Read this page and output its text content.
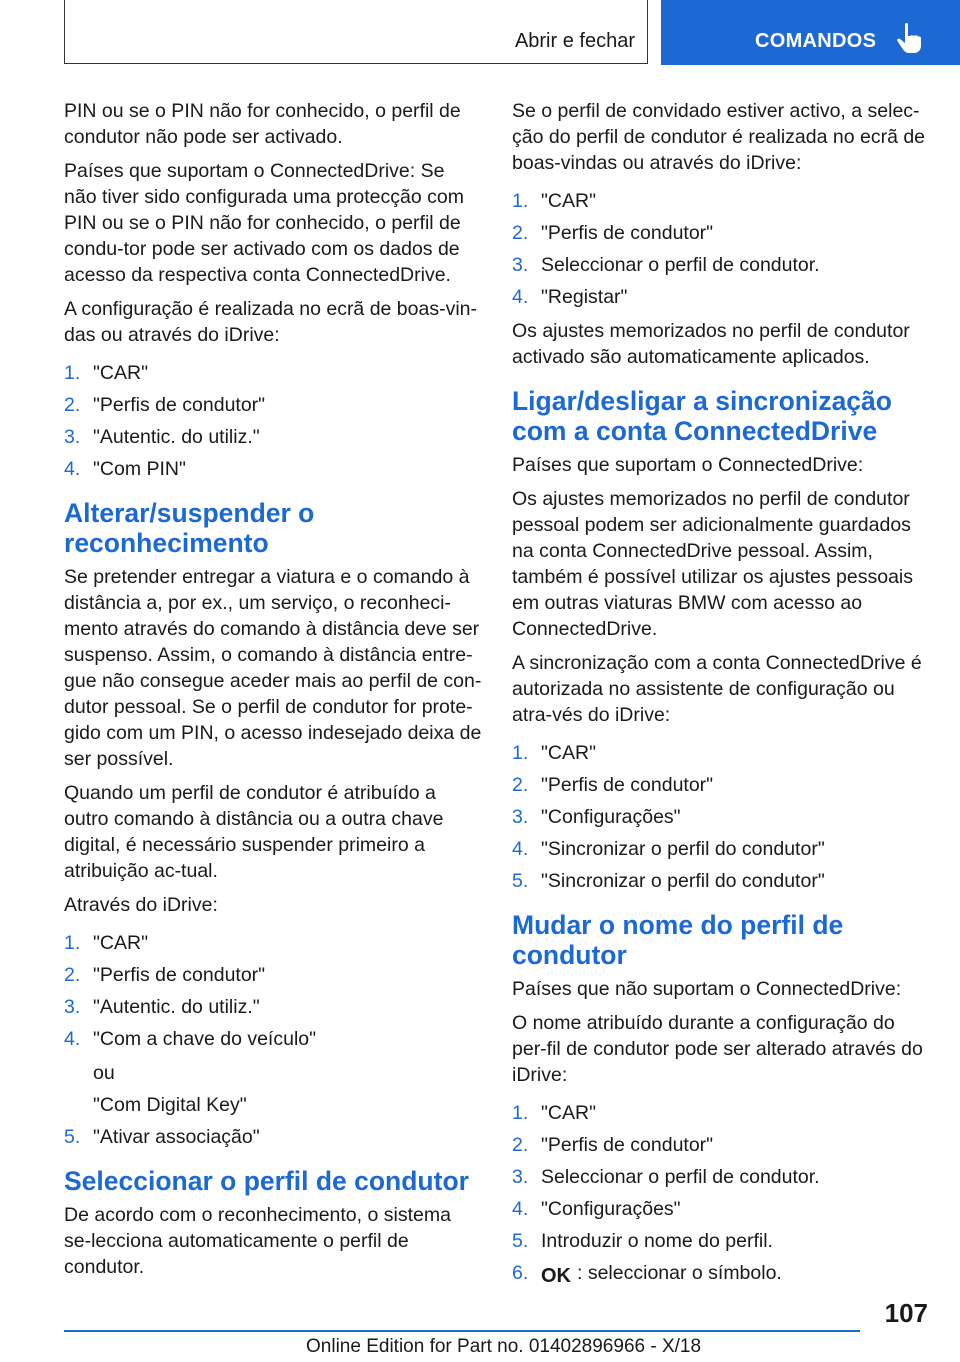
Abrir e fechar	COMANDOS

PIN ou se o PIN não for conhecido, o perfil de condutor não pode ser activado.

Países que suportam o ConnectedDrive: Se não tiver sido configurada uma protecção com PIN ou se o PIN não for conhecido, o perfil de condu‐tor pode ser activado com os dados de acesso da respectiva conta ConnectedDrive.

A configuração é realizada no ecrã de boas-vin‐das ou através do iDrive:

1. "CAR"
2. "Perfis de condutor"
3. "Autentic. do utiliz."
4. "Com PIN"
Alterar/suspender o reconhecimento

Se pretender entregar a viatura e o comando à distância a, por ex., um serviço, o reconheci‐mento através do comando à distância deve ser suspenso. Assim, o comando à distância entre‐gue não consegue aceder mais ao perfil de con‐dutor pessoal. Se o perfil de condutor for prote‐gido com um PIN, o acesso indesejado deixa de ser possível.

Quando um perfil de condutor é atribuído a outro comando à distância ou a outra chave digital, é necessário suspender primeiro a atribuição ac‐tual.

Através do iDrive:

1. "CAR"
2. "Perfis de condutor"
3. "Autentic. do utiliz."
4. "Com a chave do veículo"
ou
"Com Digital Key"
5. "Ativar associação"
Seleccionar o perfil de condutor

De acordo com o reconhecimento, o sistema se‐lecciona automaticamente o perfil de condutor.

Se o perfil de convidado estiver activo, a selec‐ção do perfil de condutor é realizada no ecrã de boas-vindas ou através do iDrive:

1. "CAR"
2. "Perfis de condutor"
3. Seleccionar o perfil de condutor.
4. "Registar"

Os ajustes memorizados no perfil de condutor activado são automaticamente aplicados.

Ligar/desligar a sincronização com a conta ConnectedDrive

Países que suportam o ConnectedDrive:

Os ajustes memorizados no perfil de condutor pessoal podem ser adicionalmente guardados na conta ConnectedDrive pessoal. Assim, também é possível utilizar os ajustes pessoais em outras viaturas BMW com acesso ao ConnectedDrive.

A sincronização com a conta ConnectedDrive é autorizada no assistente de configuração ou atra‐vés do iDrive:

1. "CAR"
2. "Perfis de condutor"
3. "Configurações"
4. "Sincronizar o perfil do condutor"
5. "Sincronizar o perfil do condutor"
Mudar o nome do perfil de condutor

Países que não suportam o ConnectedDrive:

O nome atribuído durante a configuração do per‐fil de condutor pode ser alterado através do iDrive:

1. "CAR"
2. "Perfis de condutor"
3. Seleccionar o perfil de condutor.
4. "Configurações"
5. Introduzir o nome do perfil.
6. OK : seleccionar o símbolo.
107
Online Edition for Part no. 01402896966 - X/18
